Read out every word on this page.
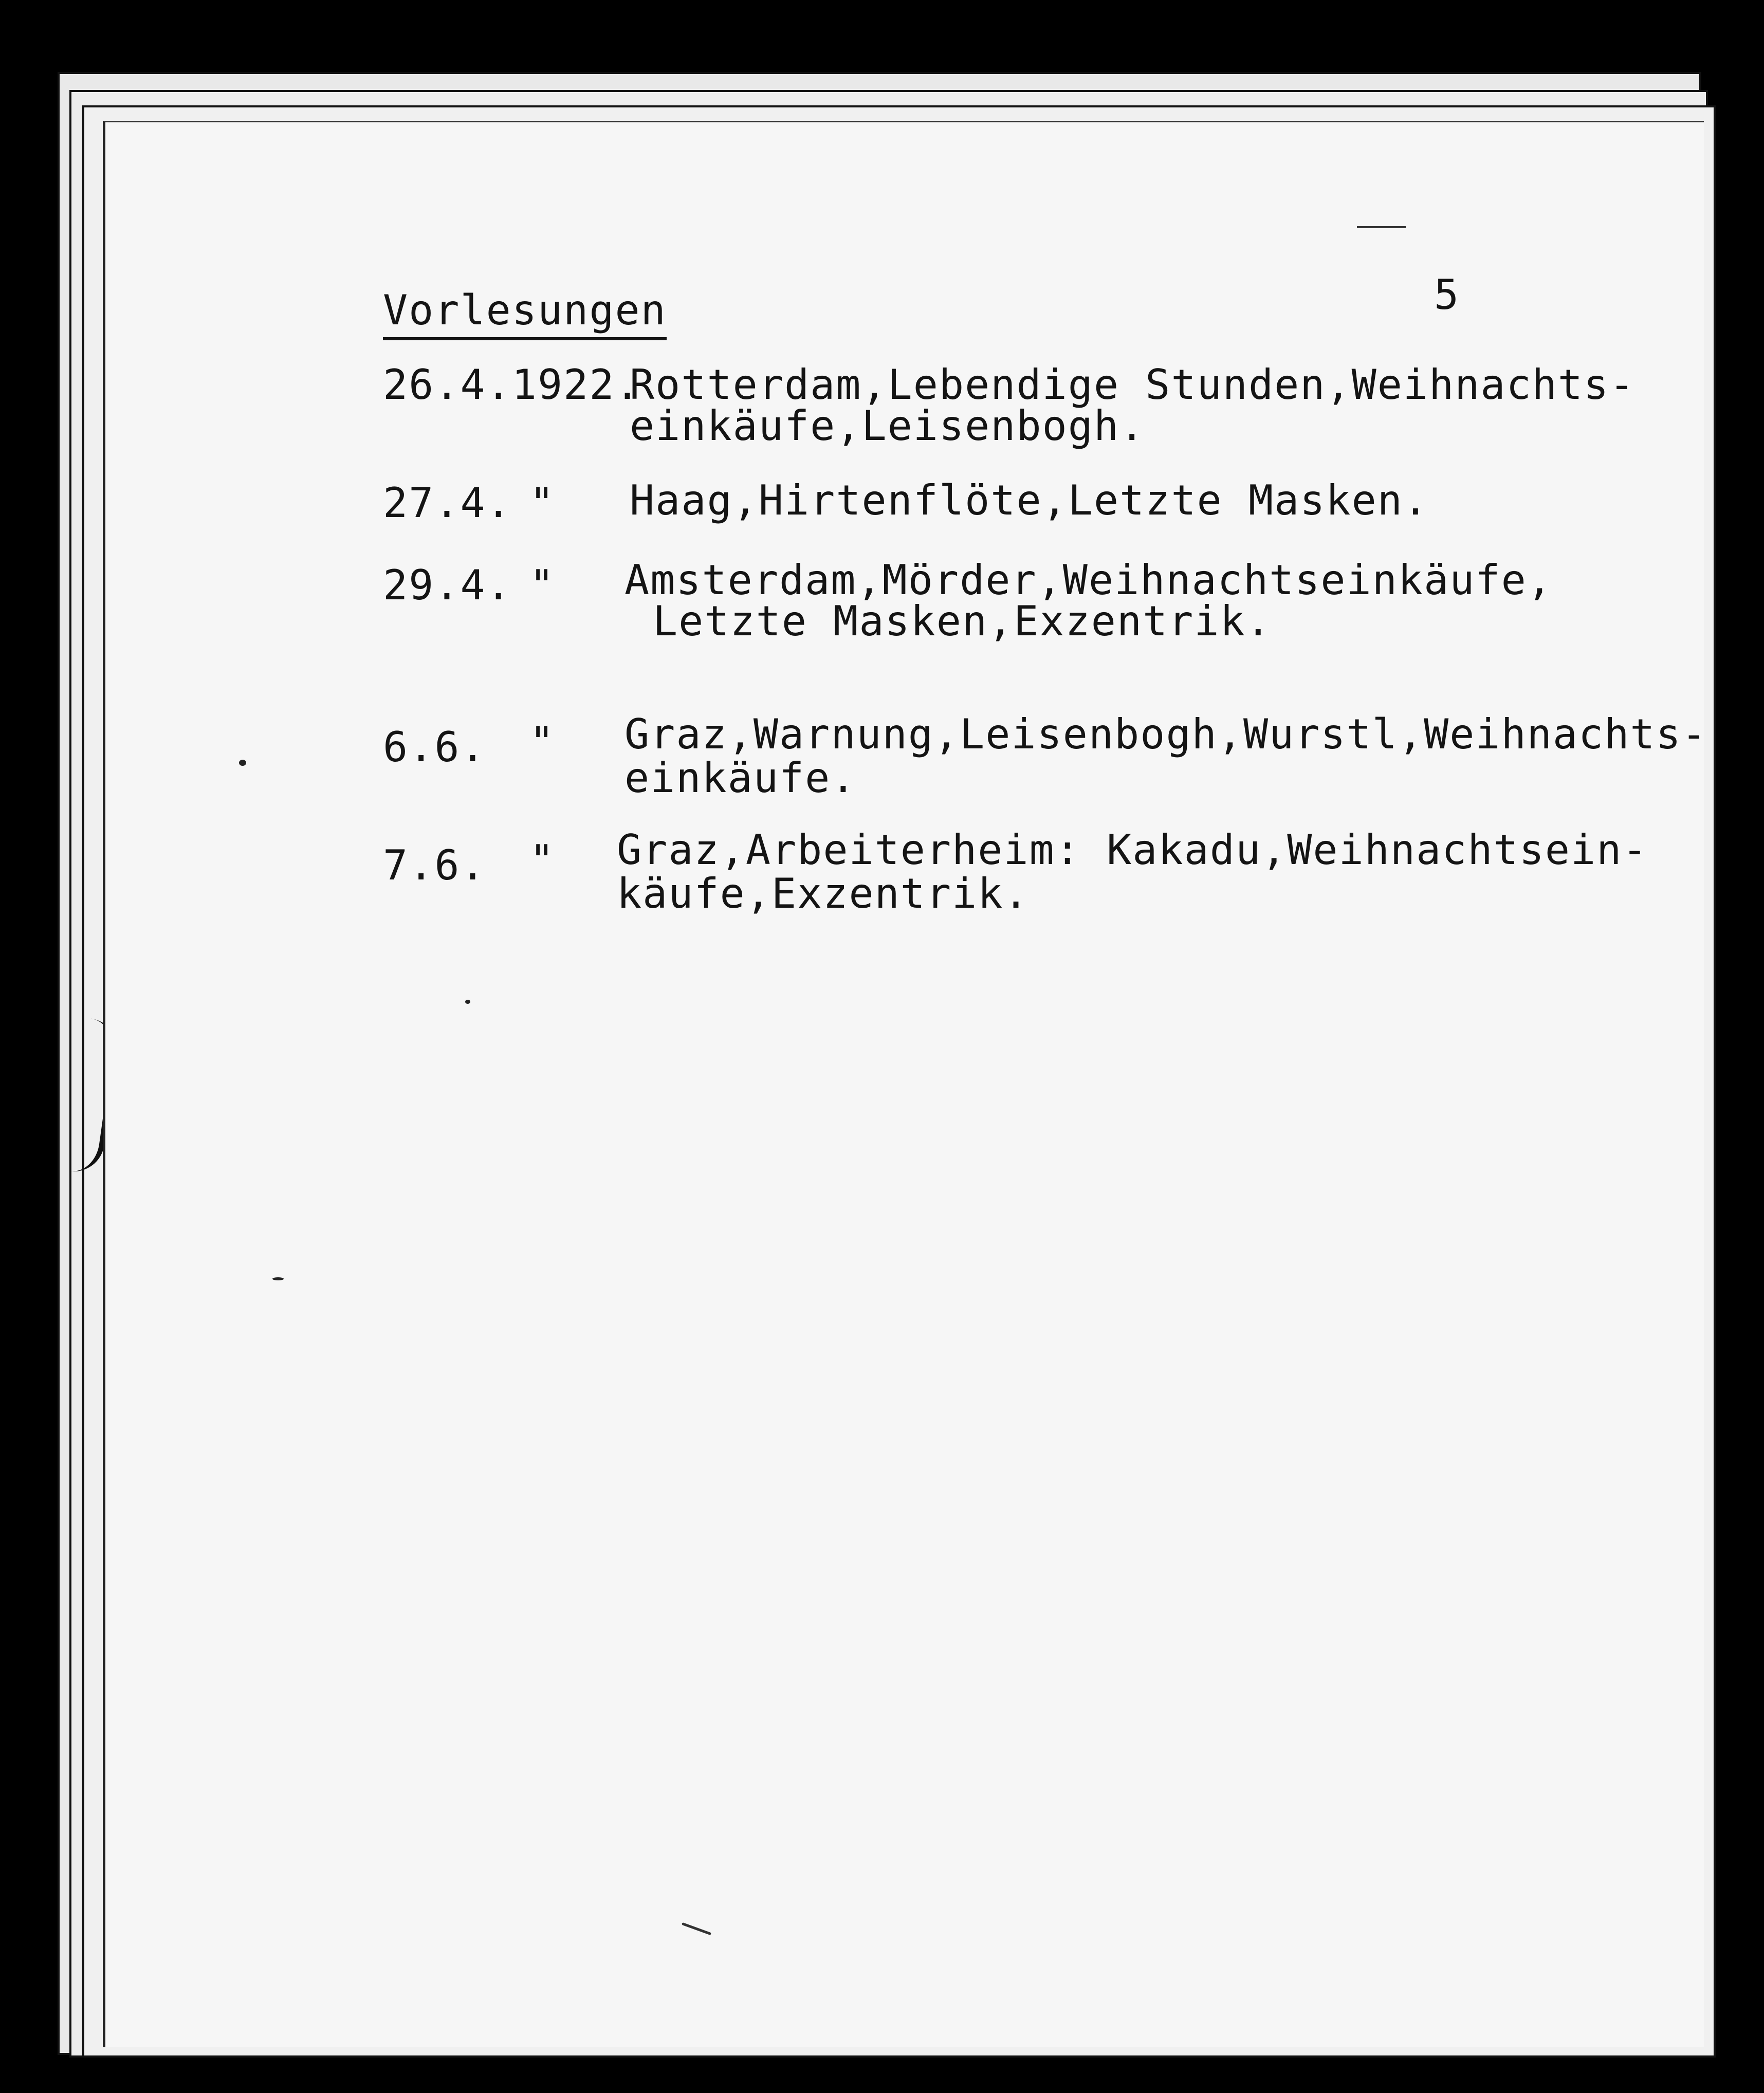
Vorlesungen	5
26.4.1922.
Rotterdam,Lebendige Stunden,Weihnachts-
einkäufe,Leisenbogh.
27.4. " Haag,Hirtenflöte,Letzte Masken.
29.4. " Amsterdam,Mörder,Weihnachtseinkäufe,
Letzte Masken,Exzentrik.
6.6. " Graz,Warnung,Leisenbogh,Wurstl,Weihnachts-
einkäufe.
7.6. " Graz,Arbeiterheim: Kakadu,Weihnachtsein-
käufe,Exzentrik.
